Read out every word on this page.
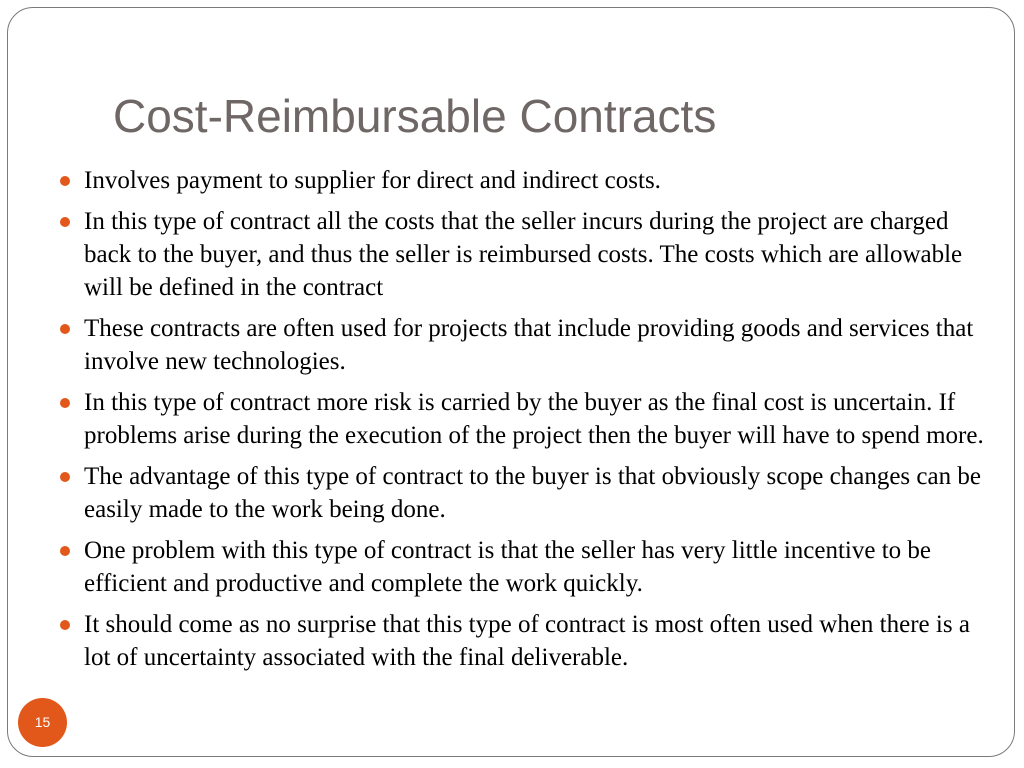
Cost-Reimbursable Contracts
Involves payment to supplier for direct and indirect costs.
In this type of contract all the costs that the seller incurs during the project are charged back to the buyer, and thus the seller is reimbursed costs. The costs which are allowable will be defined in the contract
These contracts are often used for projects that include providing goods and services that involve new technologies.
In this type of contract more risk is carried by the buyer as the final cost is uncertain. If problems arise during the execution of the project then the buyer will have to spend more.
The advantage of this type of contract to the buyer is that obviously scope changes can be easily made to the work being done.
One problem with this type of contract is that the seller has very little incentive to be efficient and productive and complete the work quickly.
It should come as no surprise that this type of contract is most often used when there is a lot of uncertainty associated with the final deliverable.
15
